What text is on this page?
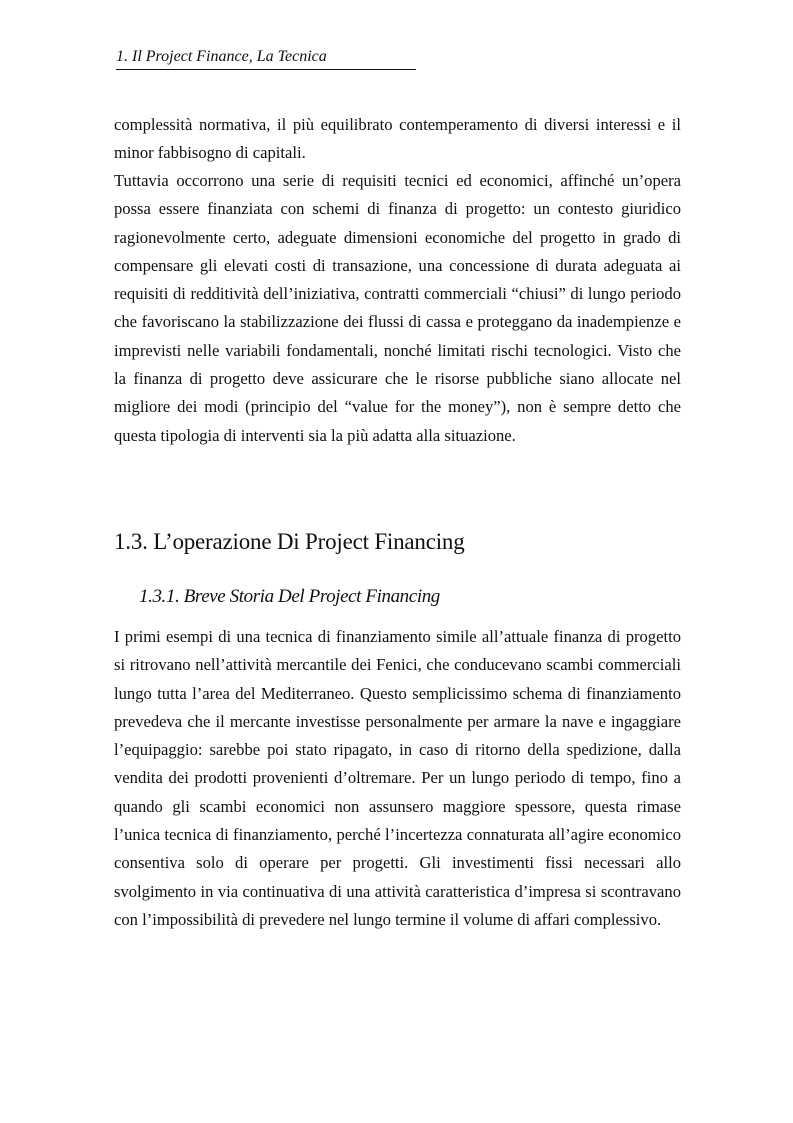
1. Il Project Finance, La Tecnica

complessità normativa, il più equilibrato contemperamento di diversi interessi e il minor fabbisogno di capitali.

Tuttavia occorrono una serie di requisiti tecnici ed economici, affinché un’opera possa essere finanziata con schemi di finanza di progetto: un contesto giuridico ragionevolmente certo, adeguate dimensioni economiche del progetto in grado di compensare gli elevati costi di transazione, una concessione di durata adeguata ai requisiti di redditività dell’iniziativa, contratti commerciali “chiusi” di lungo periodo che favoriscano la stabilizzazione dei flussi di cassa e proteggano da inadempienze e imprevisti nelle variabili fondamentali, nonché limitati rischi tecnologici. Visto che la finanza di progetto deve assicurare che le risorse pubbliche siano allocate nel migliore dei modi (principio del “value for the money”), non è sempre detto che questa tipologia di interventi sia la più adatta alla situazione.

1.3. L’operazione Di Project Financing
1.3.1. Breve Storia Del Project Financing

I primi esempi di una tecnica di finanziamento simile all’attuale finanza di progetto si ritrovano nell’attività mercantile dei Fenici, che conducevano scambi commerciali lungo tutta l’area del Mediterraneo. Questo semplicissimo schema di finanziamento prevedeva che il mercante investisse personalmente per armare la nave e ingaggiare l’equipaggio: sarebbe poi stato ripagato, in caso di ritorno della spedizione, dalla vendita dei prodotti provenienti d’oltremare. Per un lungo periodo di tempo, fino a quando gli scambi economici non assunsero maggiore spessore, questa rimase l’unica tecnica di finanziamento, perché l’incertezza connaturata all’agire economico consentiva solo di operare per progetti. Gli investimenti fissi necessari allo svolgimento in via continuativa di una attività caratteristica d’impresa si scontravano con l’impossibilità di prevedere nel lungo termine il volume di affari complessivo.
